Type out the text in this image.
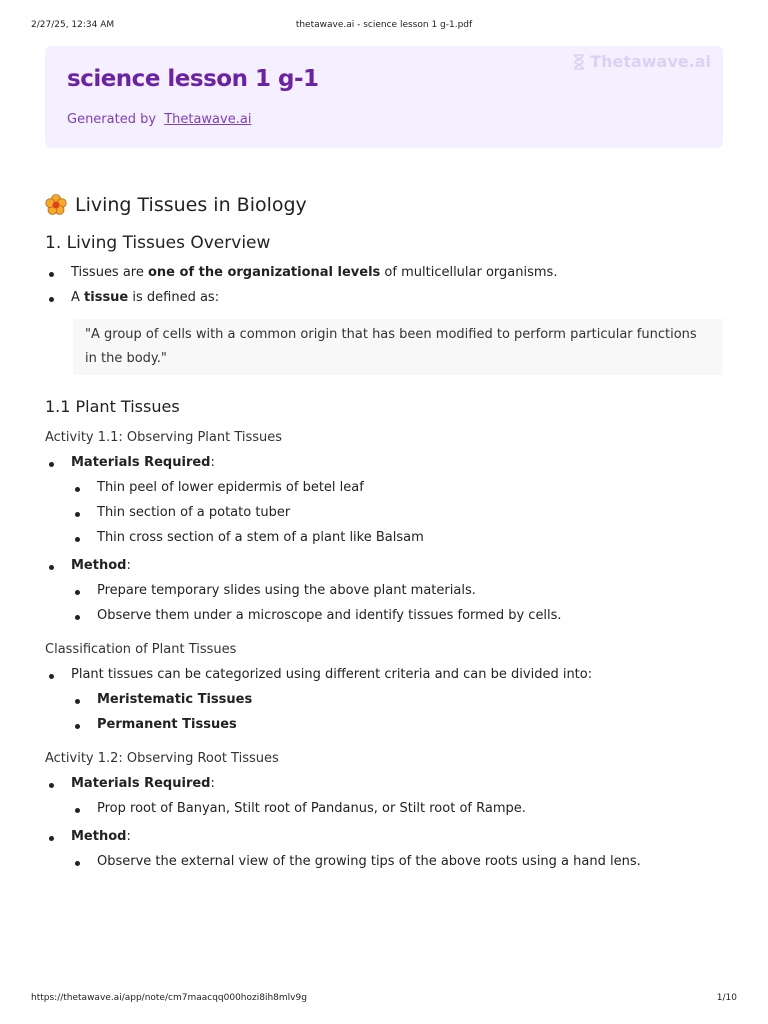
2/27/25, 12:34 AM	thetawave.ai - science lesson 1 g-1.pdf
Thetawave.ai
science lesson 1 g-1
Generated by Thetawave.ai
Living Tissues in Biology
1. Living Tissues Overview
Tissues are one of the organizational levels of multicellular organisms.
A tissue is defined as:
"A group of cells with a common origin that has been modified to perform particular functions in the body."
1.1 Plant Tissues
Activity 1.1: Observing Plant Tissues
Materials Required:
Thin peel of lower epidermis of betel leaf
Thin section of a potato tuber
Thin cross section of a stem of a plant like Balsam
Method:
Prepare temporary slides using the above plant materials.
Observe them under a microscope and identify tissues formed by cells.
Classification of Plant Tissues
Plant tissues can be categorized using different criteria and can be divided into:
Meristematic Tissues
Permanent Tissues
Activity 1.2: Observing Root Tissues
Materials Required:
Prop root of Banyan, Stilt root of Pandanus, or Stilt root of Rampe.
Method:
Observe the external view of the growing tips of the above roots using a hand lens.
https://thetawave.ai/app/note/cm7maacqq000hozi8ih8mlv9g	1/10
